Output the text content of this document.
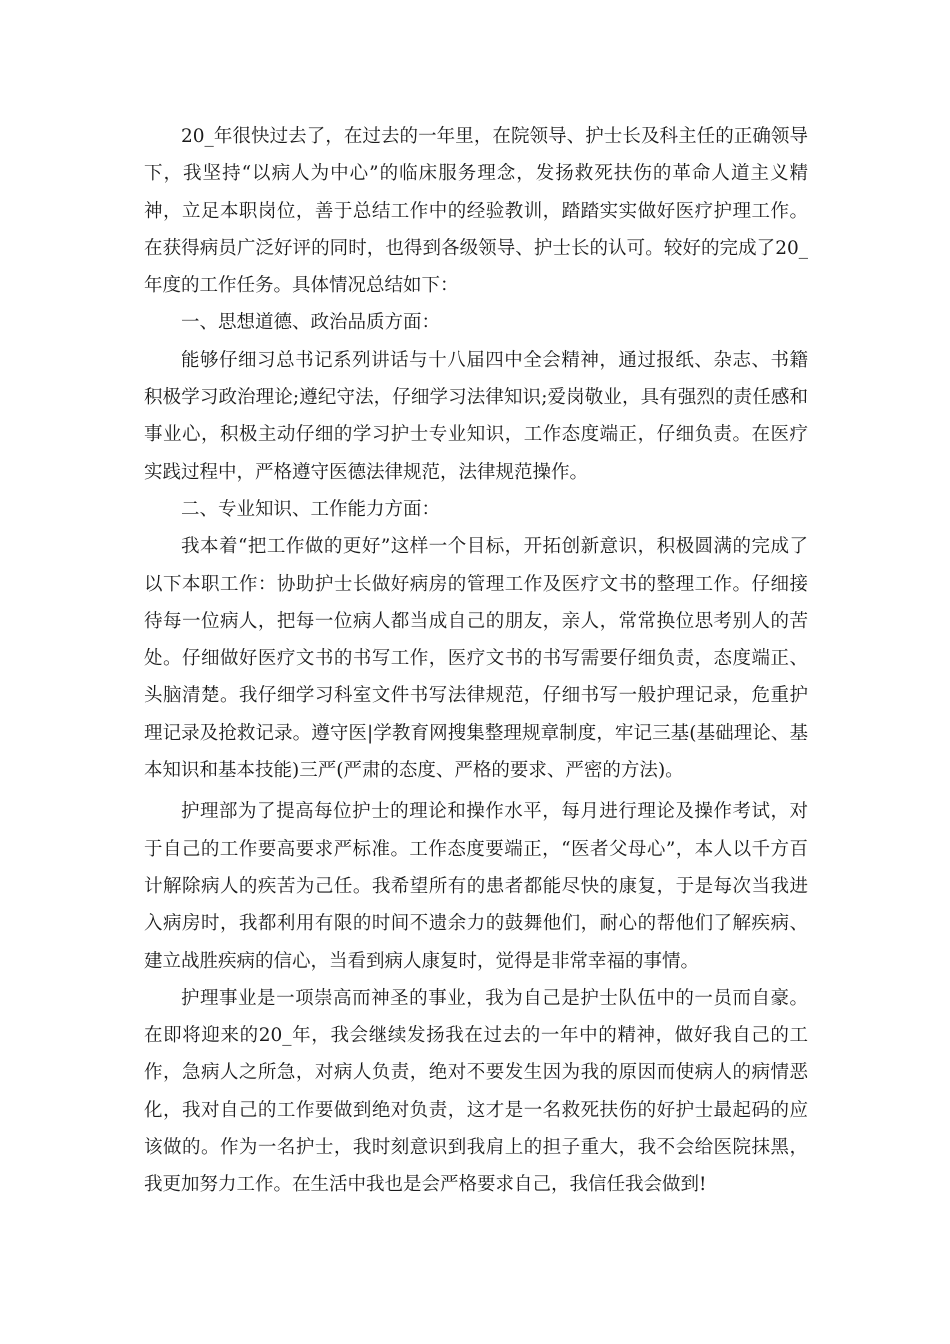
20_年很快过去了，在过去的一年里，在院领导、护士长及科主任的正确领导下，我坚持“以病人为中心”的临床服务理念，发扬救死扶伤的革命人道主义精神，立足本职岗位，善于总结工作中的经验教训，踏踏实实做好医疗护理工作。在获得病员广泛好评的同时，也得到各级领导、护士长的认可。较好的完成了20_年度的工作任务。具体情况总结如下：

一、思想道德、政治品质方面：

能够仔细习总书记系列讲话与十八届四中全会精神，通过报纸、杂志、书籍积极学习政治理论;遵纪守法，仔细学习法律知识;爱岗敬业，具有强烈的责任感和事业心，积极主动仔细的学习护士专业知识，工作态度端正，仔细负责。在医疗实践过程中，严格遵守医德法律规范，法律规范操作。

二、专业知识、工作能力方面：

我本着“把工作做的更好”这样一个目标，开拓创新意识，积极圆满的完成了以下本职工作：协助护士长做好病房的管理工作及医疗文书的整理工作。仔细接待每一位病人，把每一位病人都当成自己的朋友，亲人，常常换位思考别人的苦处。仔细做好医疗文书的书写工作，医疗文书的书写需要仔细负责，态度端正、头脑清楚。我仔细学习科室文件书写法律规范，仔细书写一般护理记录，危重护理记录及抢救记录。遵守医|学教育网搜集整理规章制度，牢记三基(基础理论、基本知识和基本技能)三严(严肃的态度、严格的要求、严密的方法)。

护理部为了提高每位护士的理论和操作水平，每月进行理论及操作考试，对于自己的工作要高要求严标准。工作态度要端正，“医者父母心”，本人以千方百计解除病人的疾苦为己任。我希望所有的患者都能尽快的康复，于是每次当我进入病房时，我都利用有限的时间不遗余力的鼓舞他们，耐心的帮他们了解疾病、建立战胜疾病的信心，当看到病人康复时，觉得是非常幸福的事情。

护理事业是一项崇高而神圣的事业，我为自己是护士队伍中的一员而自豪。在即将迎来的20_年，我会继续发扬我在过去的一年中的精神，做好我自己的工作，急病人之所急，对病人负责，绝对不要发生因为我的原因而使病人的病情恶化，我对自己的工作要做到绝对负责，这才是一名救死扶伤的好护士最起码的应该做的。作为一名护士，我时刻意识到我肩上的担子重大，我不会给医院抹黑，我更加努力工作。在生活中我也是会严格要求自己，我信任我会做到!
